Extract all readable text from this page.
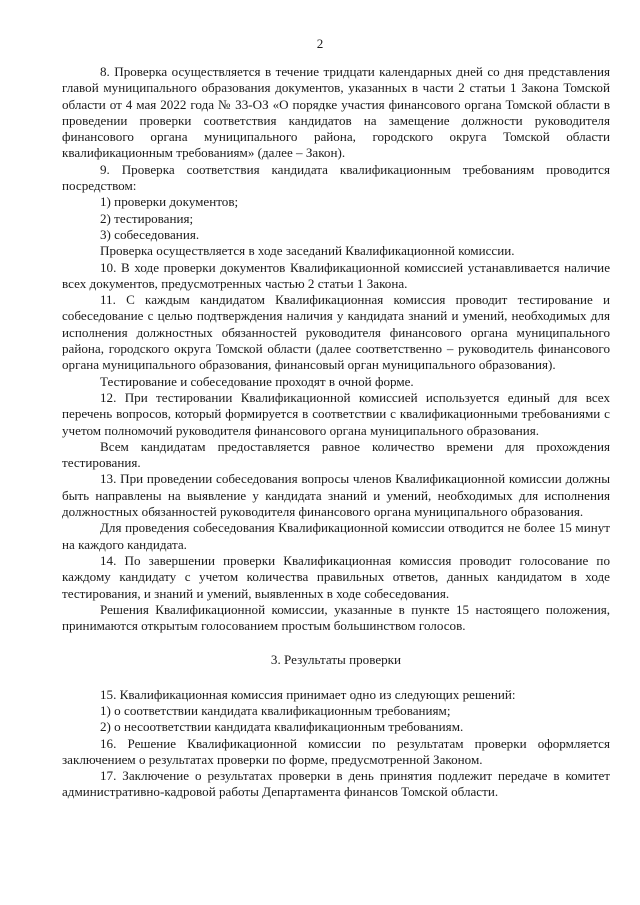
2

8. Проверка осуществляется в течение тридцати календарных дней со дня представления главой муниципального образования документов, указанных в части 2 статьи 1 Закона Томской области от 4 мая 2022 года № 33-ОЗ «О порядке участия финансового органа Томской области в проведении проверки соответствия кандидатов на замещение должности руководителя финансового органа муниципального района, городского округа Томской области квалификационным требованиям» (далее – Закон).

9. Проверка соответствия кандидата квалификационным требованиям проводится посредством:

1) проверки документов;

2) тестирования;

3) собеседования.

Проверка осуществляется в ходе заседаний Квалификационной комиссии.

10. В ходе проверки документов Квалификационной комиссией устанавливается наличие всех документов, предусмотренных частью 2 статьи 1 Закона.

11. С каждым кандидатом Квалификационная комиссия проводит тестирование и собеседование с целью подтверждения наличия у кандидата знаний и умений, необходимых для исполнения должностных обязанностей руководителя финансового органа муниципального района, городского округа Томской области (далее соответственно – руководитель финансового органа муниципального образования, финансовый орган муниципального образования).

Тестирование и собеседование проходят в очной форме.

12. При тестировании Квалификационной комиссией используется единый для всех перечень вопросов, который формируется в соответствии с квалификационными требованиями с учетом полномочий руководителя финансового органа муниципального образования.

Всем кандидатам предоставляется равное количество времени для прохождения тестирования.

13. При проведении собеседования вопросы членов Квалификационной комиссии должны быть направлены на выявление у кандидата знаний и умений, необходимых для исполнения должностных обязанностей руководителя финансового органа муниципального образования.

Для проведения собеседования Квалификационной комиссии отводится не более 15 минут на каждого кандидата.

14. По завершении проверки Квалификационная комиссия проводит голосование по каждому кандидату с учетом количества правильных ответов, данных кандидатом в ходе тестирования, и знаний и умений, выявленных в ходе собеседования.

Решения Квалификационной комиссии, указанные в пункте 15 настоящего положения, принимаются открытым голосованием простым большинством голосов.

3. Результаты проверки

15. Квалификационная комиссия принимает одно из следующих решений:

1) о соответствии кандидата квалификационным требованиям;

2) о несоответствии кандидата квалификационным требованиям.

16. Решение Квалификационной комиссии по результатам проверки оформляется заключением о результатах проверки по форме, предусмотренной Законом.

17. Заключение о результатах проверки в день принятия подлежит передаче в комитет административно-кадровой работы Департамента финансов Томской области.
